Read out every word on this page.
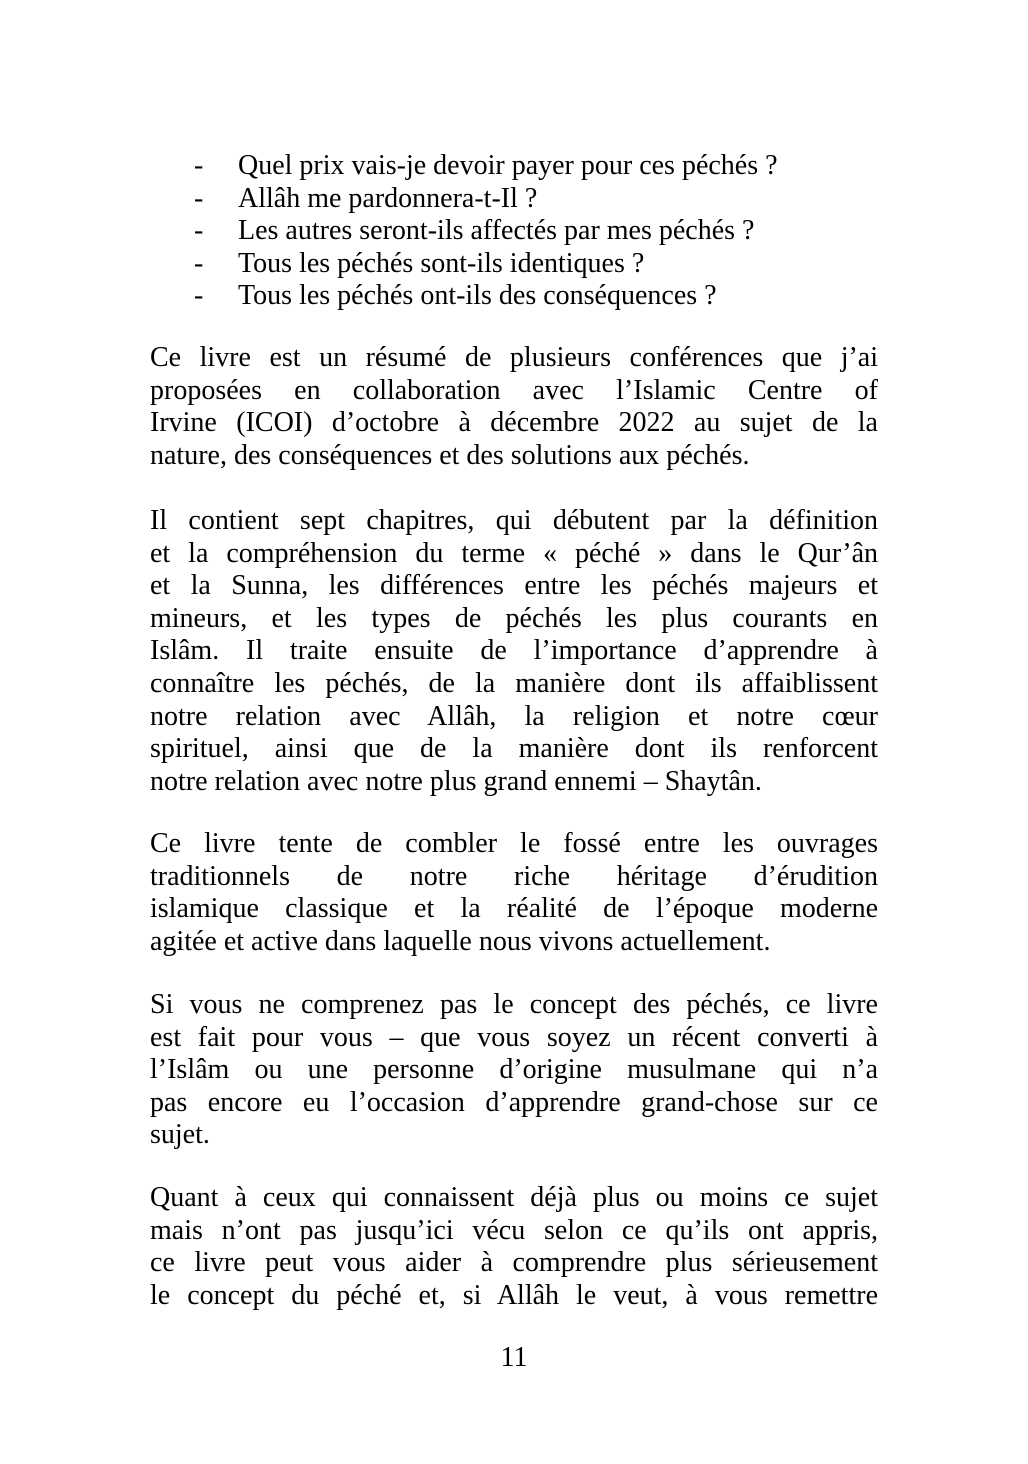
-	Quel prix vais-je devoir payer pour ces péchés ?
-	Allâh me pardonnera-t-Il ?
-	Les autres seront-ils affectés par mes péchés ?
-	Tous les péchés sont-ils identiques ?
-	Tous les péchés ont-ils des conséquences ?

Ce livre est un résumé de plusieurs conférences que j’ai
proposées en collaboration avec l’Islamic Centre of
Irvine (ICOI) d’octobre à décembre 2022 au sujet de la
nature, des conséquences et des solutions aux péchés.

Il contient sept chapitres, qui débutent par la définition
et la compréhension du terme « péché » dans le Qur’ân
et la Sunna, les différences entre les péchés majeurs et
mineurs, et les types de péchés les plus courants en
Islâm. Il traite ensuite de l’importance d’apprendre à
connaître les péchés, de la manière dont ils affaiblissent
notre relation avec Allâh, la religion et notre cœur
spirituel, ainsi que de la manière dont ils renforcent
notre relation avec notre plus grand ennemi – Shaytân.

Ce livre tente de combler le fossé entre les ouvrages
traditionnels de notre riche héritage d’érudition
islamique classique et la réalité de l’époque moderne
agitée et active dans laquelle nous vivons actuellement.

Si vous ne comprenez pas le concept des péchés, ce livre
est fait pour vous – que vous soyez un récent converti à
l’Islâm ou une personne d’origine musulmane qui n’a
pas encore eu l’occasion d’apprendre grand-chose sur ce
sujet.

Quant à ceux qui connaissent déjà plus ou moins ce sujet
mais n’ont pas jusqu’ici vécu selon ce qu’ils ont appris,
ce livre peut vous aider à comprendre plus sérieusement
le concept du péché et, si Allâh le veut, à vous remettre

11
